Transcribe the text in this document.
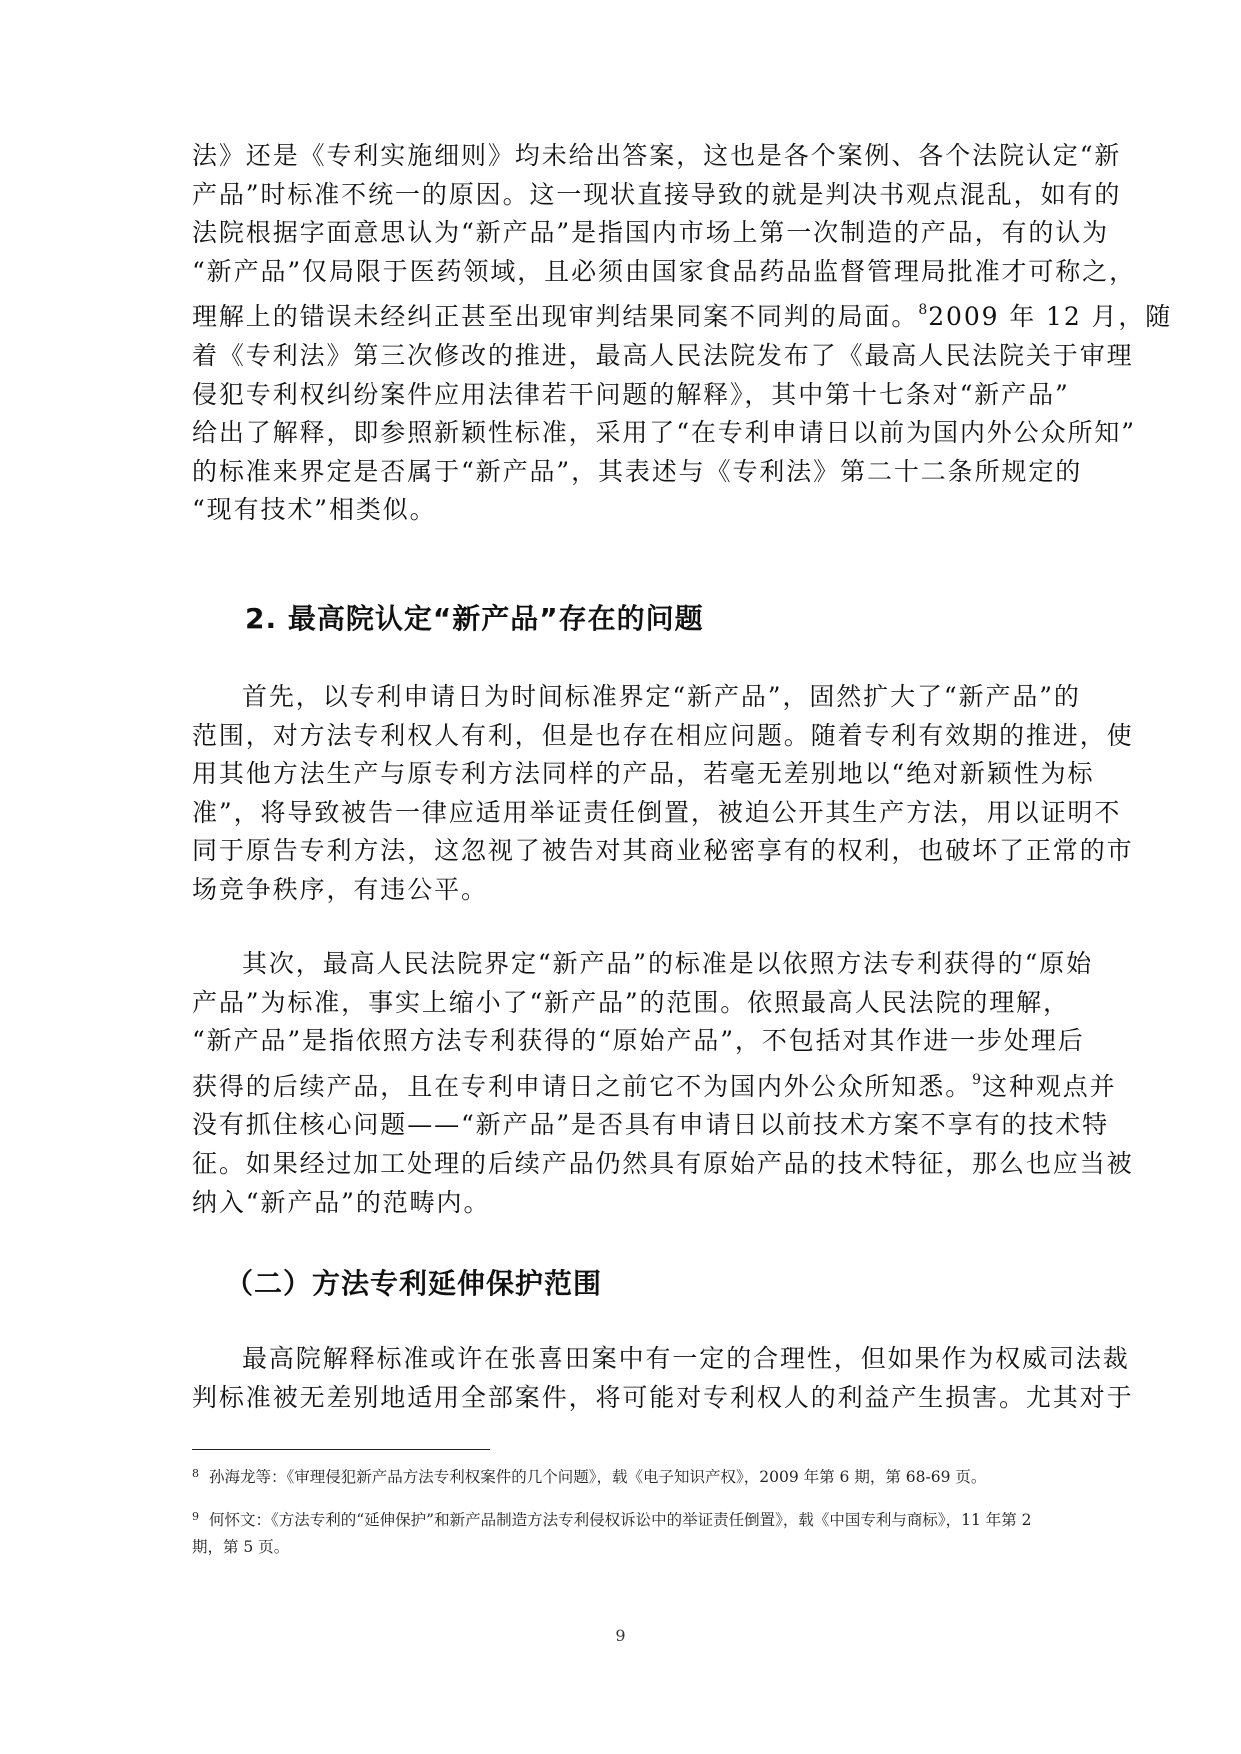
法》还是《专利实施细则》均未给出答案，这也是各个案例、各个法院认定“新
产品”时标准不统一的原因。这一现状直接导致的就是判决书观点混乱，如有的
法院根据字面意思认为“新产品”是指国内市场上第一次制造的产品，有的认为
“新产品”仅局限于医药领域，且必须由国家食品药品监督管理局批准才可称之，
理解上的错误未经纠正甚至出现审判结果同案不同判的局面。$^8$2009 年 12 月，随
着《专利法》第三次修改的推进，最高人民法院发布了《最高人民法院关于审理
侵犯专利权纠纷案件应用法律若干问题的解释》，其中第十七条对“新产品”
给出了解释，即参照新颖性标准，采用了“在专利申请日以前为国内外公众所知”
的标准来界定是否属于“新产品”，其表述与《专利法》第二十二条所规定的
“现有技术”相类似。
2. 最高院认定“新产品”存在的问题
首先，以专利申请日为时间标准界定“新产品”，固然扩大了“新产品”的
范围，对方法专利权人有利，但是也存在相应问题。随着专利有效期的推进，使
用其他方法生产与原专利方法同样的产品，若毫无差别地以“绝对新颖性为标
准”，将导致被告一律应适用举证责任倒置，被迫公开其生产方法，用以证明不
同于原告专利方法，这忽视了被告对其商业秘密享有的权利，也破坏了正常的市
场竞争秩序，有违公平。
其次，最高人民法院界定“新产品”的标准是以依照方法专利获得的“原始
产品”为标准，事实上缩小了“新产品”的范围。依照最高人民法院的理解，
“新产品”是指依照方法专利获得的“原始产品”，不包括对其作进一步处理后
获得的后续产品，且在专利申请日之前它不为国内外公众所知悉。$^9$这种观点并
没有抓住核心问题——“新产品”是否具有申请日以前技术方案不享有的技术特
征。如果经过加工处理的后续产品仍然具有原始产品的技术特征，那么也应当被
纳入“新产品”的范畴内。
（二）方法专利延伸保护范围
最高院解释标准或许在张喜田案中有一定的合理性，但如果作为权威司法裁
判标准被无差别地适用全部案件，将可能对专利权人的利益产生损害。尤其对于

$^8$ 孙海龙等：《审理侵犯新产品方法专利权案件的几个问题》，载《电子知识产权》，2009 年第 6 期，第 68-69 页。

$^9$ 何怀文：《方法专利的“延伸保护”和新产品制造方法专利侵权诉讼中的举证责任倒置》，载《中国专利与商标》，11 年第 2 期，第 5 页。

9
